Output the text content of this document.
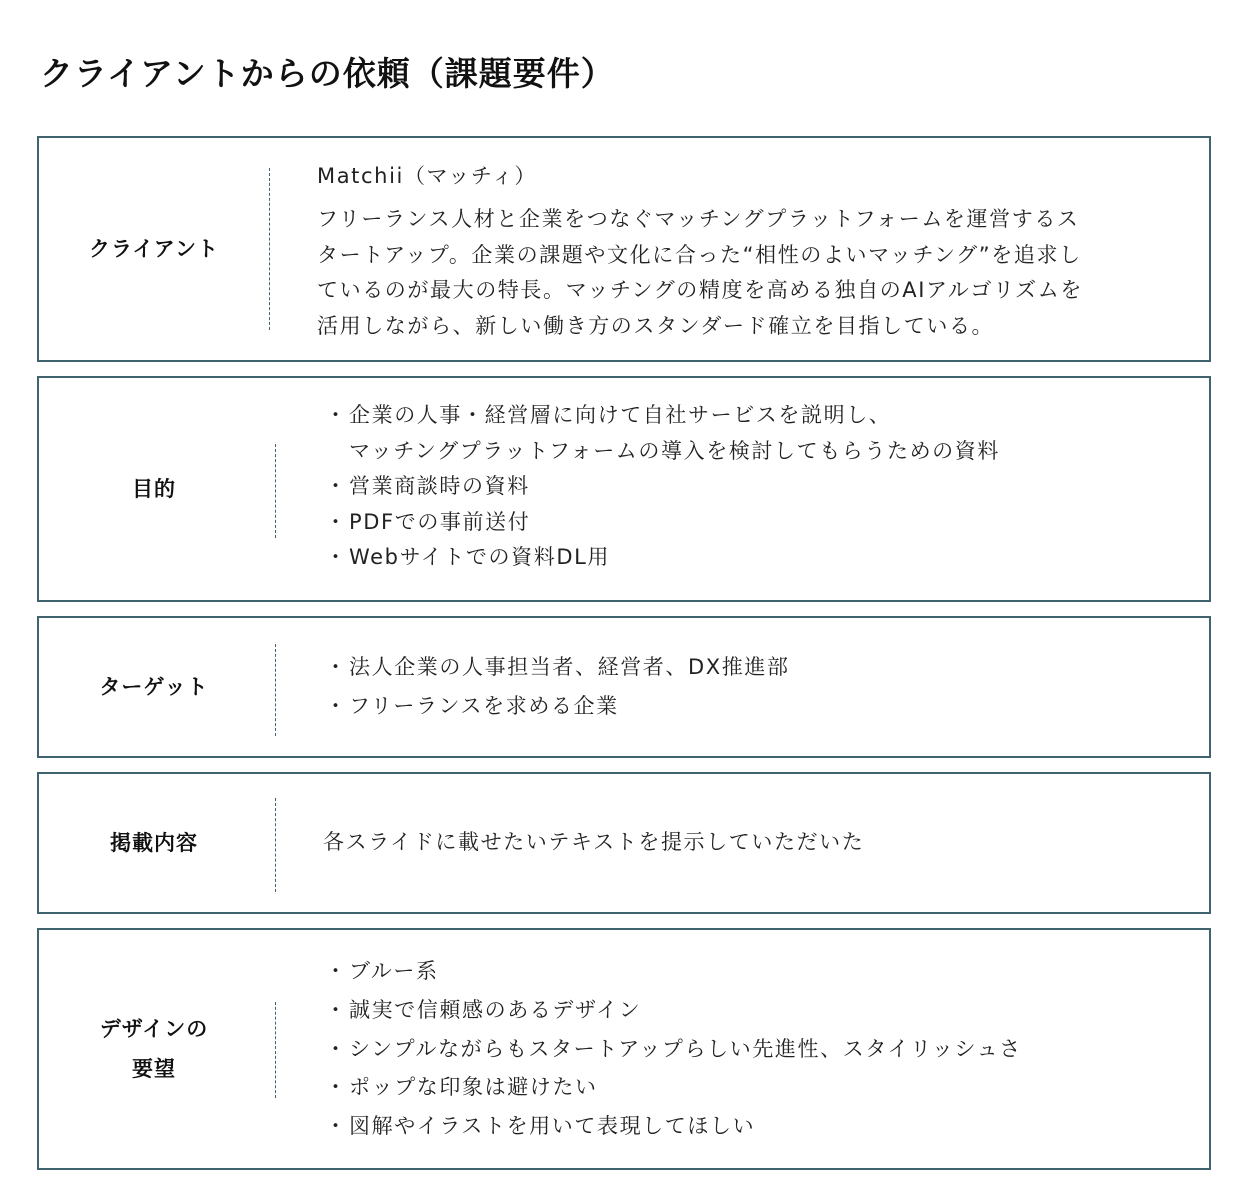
クライアントからの依頼（課題要件）
クライアント

Matchii（マッチィ）

フリーランス人材と企業をつなぐマッチングプラットフォームを運営するス

タートアップ。企業の課題や文化に合った“相性のよいマッチング”を追求し

ているのが最大の特長。マッチングの精度を高める独自のAIアルゴリズムを

活用しながら、新しい働き方のスタンダード確立を目指している。

目的
・ 企業の人事・経営層に向けて自社サービスを説明し、
マッチングプラットフォームの導入を検討してもらうための資料
・ 営業商談時の資料
・ PDFでの事前送付
・ Webサイトでの資料DL用
ターゲット
・ 法人企業の人事担当者、経営者、DX推進部
・ フリーランスを求める企業
掲載内容	各スライドに載せたいテキストを提示していただいた

デザインの
要望
・ ブルー系
・ 誠実で信頼感のあるデザイン
・ シンプルながらもスタートアップらしい先進性、スタイリッシュさ
・ ポップな印象は避けたい
・ 図解やイラストを用いて表現してほしい
